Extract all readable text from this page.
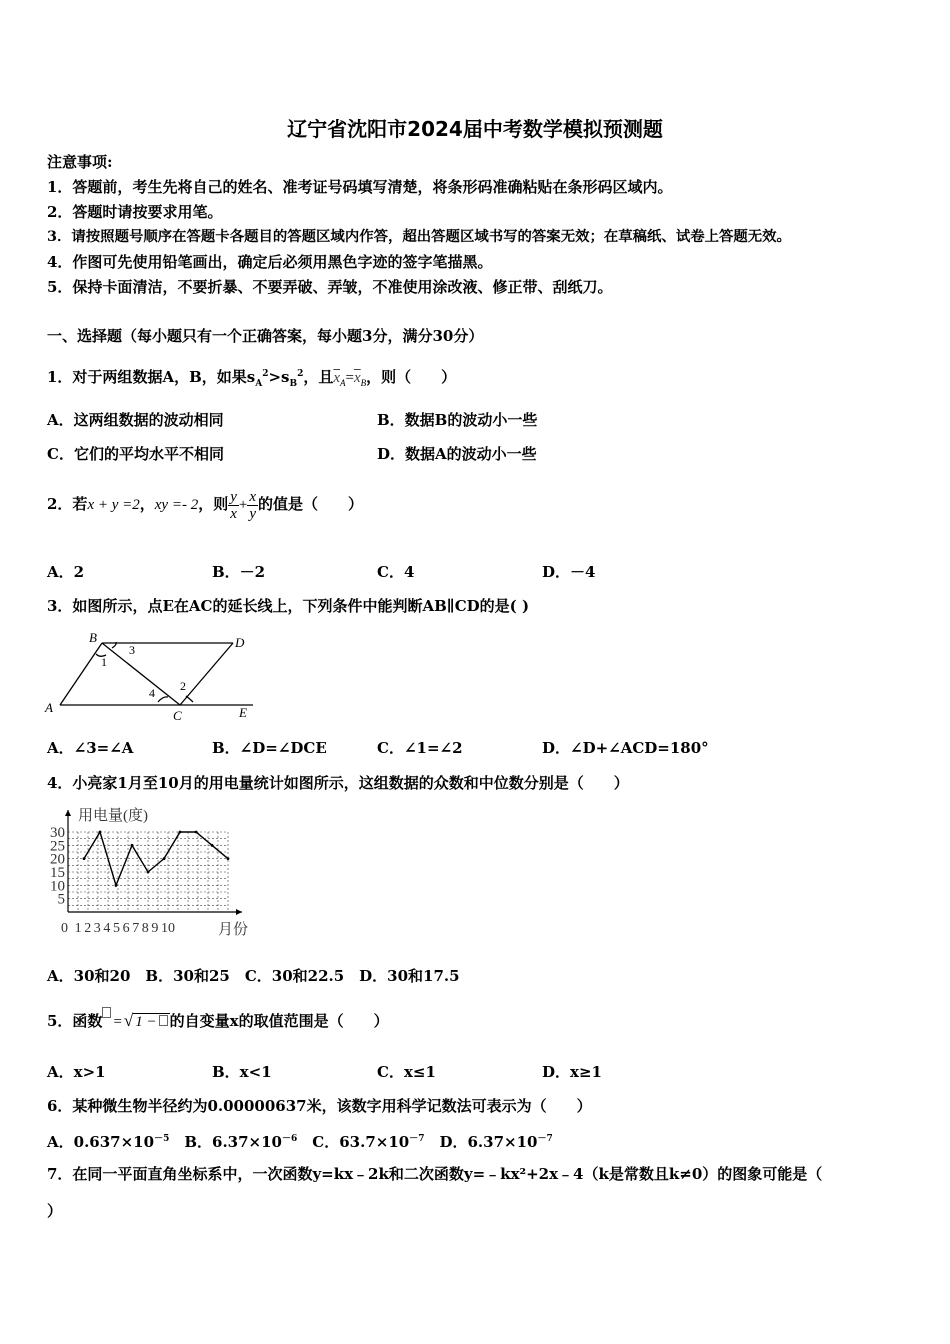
辽宁省沈阳市2024届中考数学模拟预测题
注意事项:
1．答题前，考生先将自己的姓名、准考证号码填写清楚，将条形码准确粘贴在条形码区域内。
2．答题时请按要求用笔。
3．请按照题号顺序在答题卡各题目的答题区域内作答，超出答题区域书写的答案无效；在草稿纸、试卷上答题无效。
4．作图可先使用铅笔画出，确定后必须用黑色字迹的签字笔描黑。
5．保持卡面清洁，不要折暴、不要弄破、弄皱，不准使用涂改液、修正带、刮纸刀。
一、选择题（每小题只有一个正确答案，每小题3分，满分30分）
1．对于两组数据A，B，如果$s_A^2>s_B^2$，且$\overline{x}_A=\overline{x}_B$，则（　　）
A．这两组数据的波动相同	B．数据B的波动小一些
C．它们的平均水平不相同	D．数据A的波动小一些
2．若x + y =2，xy =- 2，则 $\frac{y}{x} + \frac{x}{y}$ 的值是（　　）
A．2	B．－2	C．4	D．－4
3．如图所示，点E在AC的延长线上，下列条件中能判断AB∥CD的是( )
B	D
A
C	E
1
3
4 2
A．∠3=∠A	B．∠D=∠DCE	C．∠1=∠2	D．∠D+∠ACD=180°
4．小亮家1月至10月的用电量统计如图所示，这组数据的众数和中位数分别是（　　）
5
10
15
20
25
30
0 1 2 3 4 5 6 7 8 9 10
用电量(度)
月份
A．30和20　B．30和25　C．30和22.5　D．30和17.5
5．函数 = √ 1 − 的自变量x的取值范围是（　　）
A．x>1	B．x<1	C．x≤1	D．x≥1
6．某种微生物半径约为0.00000637米，该数字用科学记数法可表示为（　　）
A．$0.637\times 10^{-5}$　 B．$6.37\times 10^{-6}$　 C．$63.7\times 10^{-7}$　 D．$6.37\times 10^{-7}$
7．在同一平面直角坐标系中，一次函数y=kx﹣2k和二次函数y=﹣kx²+2x﹣4（k是常数且k≠0）的图象可能是（
）
